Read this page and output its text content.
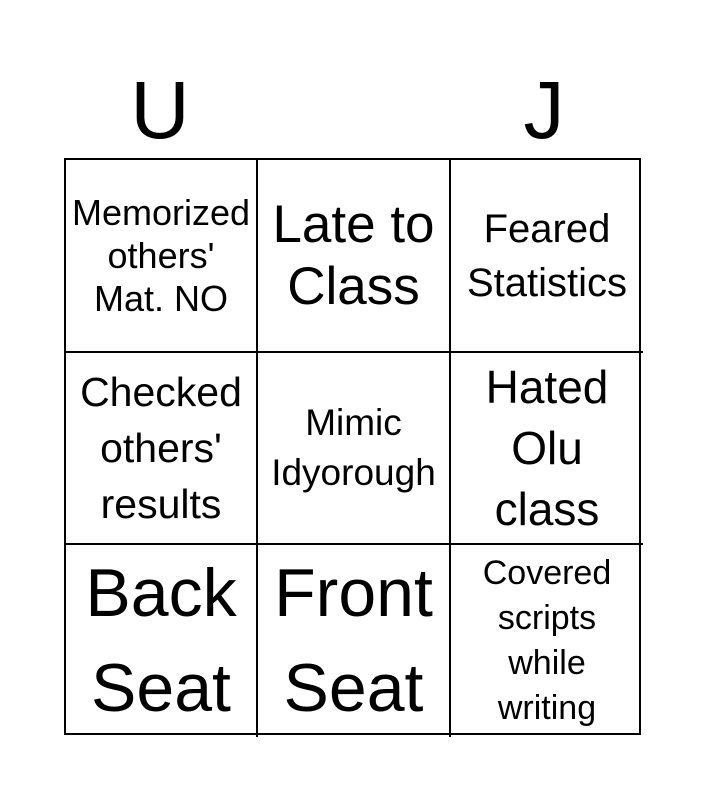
U	J
Memorized
others'
Mat. NO
Late to
Class
Feared
Statistics
Checked
others'
results
Mimic
Idyorough
Hated
Olu
class
Back
Seat
Front
Seat
Covered
scripts
while
writing
